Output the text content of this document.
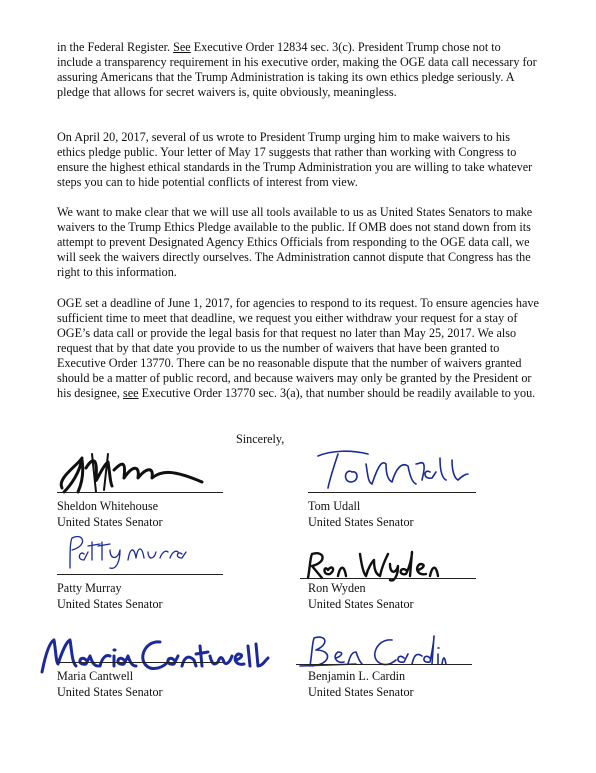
in the Federal Register. See Executive Order 12834 sec. 3(c). President Trump chose not to include a transparency requirement in his executive order, making the OGE data call necessary for assuring Americans that the Trump Administration is taking its own ethics pledge seriously. A pledge that allows for secret waivers is, quite obviously, meaningless.

On April 20, 2017, several of us wrote to President Trump urging him to make waivers to his ethics pledge public. Your letter of May 17 suggests that rather than working with Congress to ensure the highest ethical standards in the Trump Administration you are willing to take whatever steps you can to hide potential conflicts of interest from view.

We want to make clear that we will use all tools available to us as United States Senators to make waivers to the Trump Ethics Pledge available to the public. If OMB does not stand down from its attempt to prevent Designated Agency Ethics Officials from responding to the OGE data call, we will seek the waivers directly ourselves. The Administration cannot dispute that Congress has the right to this information.

OGE set a deadline of June 1, 2017, for agencies to respond to its request. To ensure agencies have sufficient time to meet that deadline, we request you either withdraw your request for a stay of OGE’s data call or provide the legal basis for that request no later than May 25, 2017. We also request that by that date you provide to us the number of waivers that have been granted to Executive Order 13770. There can be no reasonable dispute that the number of waivers granted should be a matter of public record, and because waivers may only be granted by the President or his designee, see Executive Order 13770 sec. 3(a), that number should be readily available to you.

Sincerely,
Sheldon Whitehouse
United States Senator
Tom Udall
United States Senator
Patty Murray
United States Senator
Ron Wyden
United States Senator
Maria Cantwell
United States Senator
Benjamin L. Cardin
United States Senator
